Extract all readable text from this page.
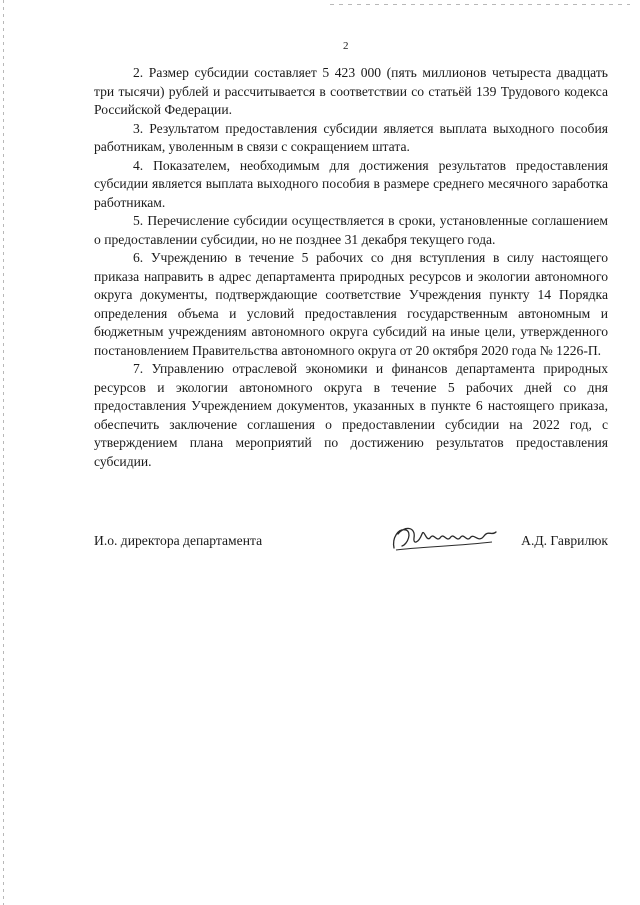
2

2. Размер субсидии составляет 5 423 000 (пять миллионов четыреста двадцать три тысячи) рублей и рассчитывается в соответствии со статьёй 139 Трудового кодекса Российской Федерации.

3. Результатом предоставления субсидии является выплата выходного пособия работникам, уволенным в связи с сокращением штата.

4. Показателем, необходимым для достижения результатов предоставления субсидии является выплата выходного пособия в размере среднего месячного заработка работникам.

5. Перечисление субсидии осуществляется в сроки, установленные соглашением о предоставлении субсидии, но не позднее 31 декабря текущего года.

6. Учреждению в течение 5 рабочих со дня вступления в силу настоящего приказа направить в адрес департамента природных ресурсов и экологии автономного округа документы, подтверждающие соответствие Учреждения пункту 14 Порядка определения объема и условий предоставления государственным автономным и бюджетным учреждениям автономного округа субсидий на иные цели, утвержденного постановлением Правительства автономного округа от 20 октября 2020 года № 1226-П.

7. Управлению отраслевой экономики и финансов департамента природных ресурсов и экологии автономного округа в течение 5 рабочих дней со дня предоставления Учреждением документов, указанных в пункте 6 настоящего приказа, обеспечить заключение соглашения о предоставлении субсидии на 2022 год, с утверждением плана мероприятий по достижению результатов предоставления субсидии.

И.о. директора департамента	А.Д. Гаврилюк
